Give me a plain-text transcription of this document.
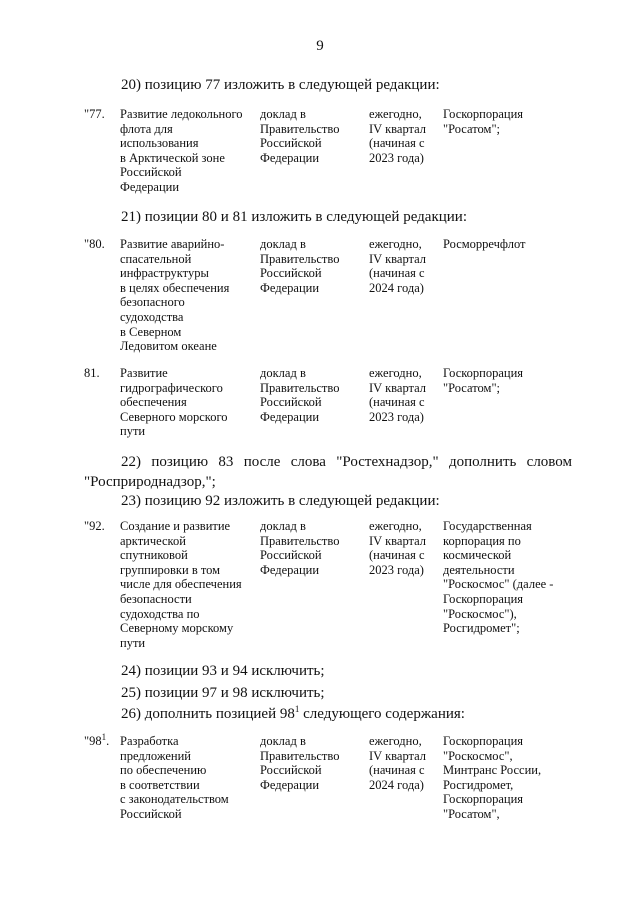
9
20) позицию 77 изложить в следующей редакции:
"77. Развитие ледокольного
флота для
использования
в Арктической зоне
Российской
Федерации
доклад в
Правительство
Российской
Федерации
ежегодно,
IV квартал
(начиная с
2023 года)
Госкорпорация
"Росатом";
21) позиции 80 и 81 изложить в следующей редакции:
"80. Развитие аварийно-
спасательной
инфраструктуры
в целях обеспечения
безопасного
судоходства
в Северном
Ледовитом океане
доклад в
Правительство
Российской
Федерации
ежегодно,
IV квартал
(начиная с
2024 года)
Росморречфлот
81. Развитие
гидрографического
обеспечения
Северного морского
пути
доклад в
Правительство
Российской
Федерации
ежегодно,
IV квартал
(начиная с
2023 года)
Госкорпорация
"Росатом";
22) позицию 83 после слова "Ростехнадзор," дополнить словом
"Росприроднадзор,";
23) позицию 92 изложить в следующей редакции:
"92. Создание и развитие
арктической
спутниковой
группировки в том
числе для обеспечения
безопасности
судоходства по
Северному морскому
пути
доклад в
Правительство
Российской
Федерации
ежегодно,
IV квартал
(начиная с
2023 года)
Государственная
корпорация по
космической
деятельности
"Роскосмос" (далее -
Госкорпорация
"Роскосмос"),
Росгидромет";
24) позиции 93 и 94 исключить;
25) позиции 97 и 98 исключить;
26) дополнить позицией $98^1$ следующего содержания:
"$98^1$. Разработка
предложений
по обеспечению
в соответствии
с законодательством
Российской
доклад в
Правительство
Российской
Федерации
ежегодно,
IV квартал
(начиная с
2024 года)
Госкорпорация
"Роскосмос",
Минтранс России,
Росгидромет,
Госкорпорация
"Росатом",
